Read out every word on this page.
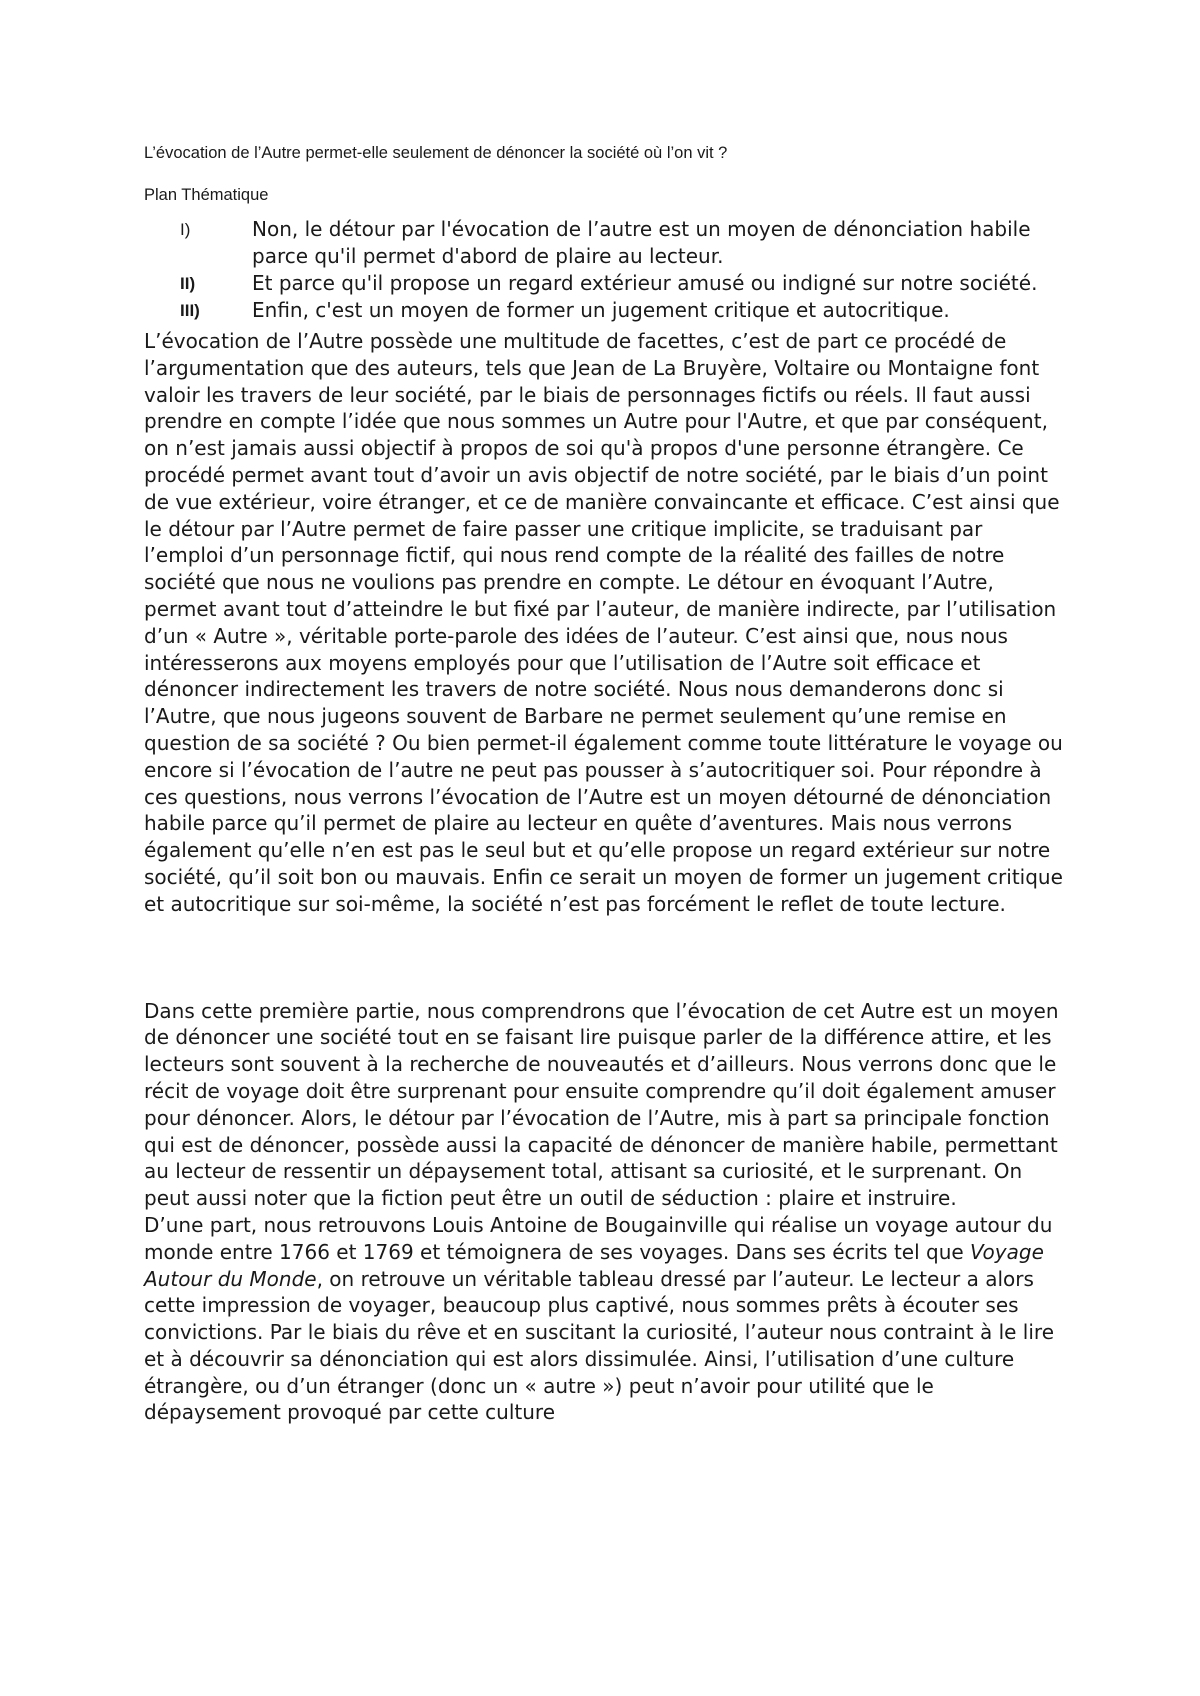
L’évocation de l’Autre permet-elle seulement de dénoncer la société où l’on vit ?

Plan Thématique

I)	Non, le détour par l'évocation de l’autre est un moyen de dénonciation habile parce qu'il permet d'abord de plaire au lecteur.
II)	Et parce qu'il propose un regard extérieur amusé ou indigné sur notre société.
III)	Enfin, c'est un moyen de former un jugement critique et autocritique.

L’évocation de l’Autre possède une multitude de facettes, c’est de part ce procédé de l’argumentation que des auteurs, tels que Jean de La Bruyère, Voltaire ou Montaigne font valoir les travers de leur société, par le biais de personnages fictifs ou réels. Il faut aussi prendre en compte l’idée que nous sommes un Autre pour l'Autre, et que par conséquent, on n’est jamais aussi objectif à propos de soi qu'à propos d'une personne étrangère. Ce procédé permet avant tout d’avoir un avis objectif de notre société, par le biais d’un point de vue extérieur, voire étranger, et ce de manière convaincante et efficace. C’est ainsi que le détour par l’Autre permet de faire passer une critique implicite, se traduisant par l’emploi d’un personnage fictif, qui nous rend compte de la réalité des failles de notre société que nous ne voulions pas prendre en compte. Le détour en évoquant l’Autre, permet avant tout d’atteindre le but fixé par l’auteur, de manière indirecte, par l’utilisation d’un « Autre », véritable porte-parole des idées de l’auteur. C’est ainsi que, nous nous intéresserons aux moyens employés pour que l’utilisation de l’Autre soit efficace et dénoncer indirectement les travers de notre société. Nous nous demanderons donc si l’Autre, que nous jugeons souvent de Barbare ne permet seulement qu’une remise en question de sa société ? Ou bien permet-il également comme toute littérature le voyage ou encore si l’évocation de l’autre ne peut pas pousser à s’autocritiquer soi. Pour répondre à ces questions, nous verrons l’évocation de l’Autre est un moyen détourné de dénonciation habile parce qu’il permet de plaire au lecteur en quête d’aventures. Mais nous verrons également qu’elle n’en est pas le seul but et qu’elle propose un regard extérieur sur notre société, qu’il soit bon ou mauvais. Enfin ce serait un moyen de former un jugement critique et autocritique sur soi-même, la société n’est pas forcément le reflet de toute lecture.

Dans cette première partie, nous comprendrons que l’évocation de cet Autre est un moyen de dénoncer une société tout en se faisant lire puisque parler de la différence attire, et les lecteurs sont souvent à la recherche de nouveautés et d’ailleurs. Nous verrons donc que le récit de voyage doit être surprenant pour ensuite comprendre qu’il doit également amuser pour dénoncer. Alors, le détour par l’évocation de l’Autre, mis à part sa principale fonction qui est de dénoncer, possède aussi la capacité de dénoncer de manière habile, permettant au lecteur de ressentir un dépaysement total, attisant sa curiosité, et le surprenant. On peut aussi noter que la fiction peut être un outil de séduction : plaire et instruire.

D’une part, nous retrouvons Louis Antoine de Bougainville qui réalise un voyage autour du monde entre 1766 et 1769 et témoignera de ses voyages. Dans ses écrits tel que Voyage Autour du Monde, on retrouve un véritable tableau dressé par l’auteur. Le lecteur a alors cette impression de voyager, beaucoup plus captivé, nous sommes prêts à écouter ses convictions. Par le biais du rêve et en suscitant la curiosité, l’auteur nous contraint à le lire et à découvrir sa dénonciation qui est alors dissimulée. Ainsi, l’utilisation d’une culture étrangère, ou d’un étranger (donc un « autre ») peut n’avoir pour utilité que le dépaysement provoqué par cette culture
